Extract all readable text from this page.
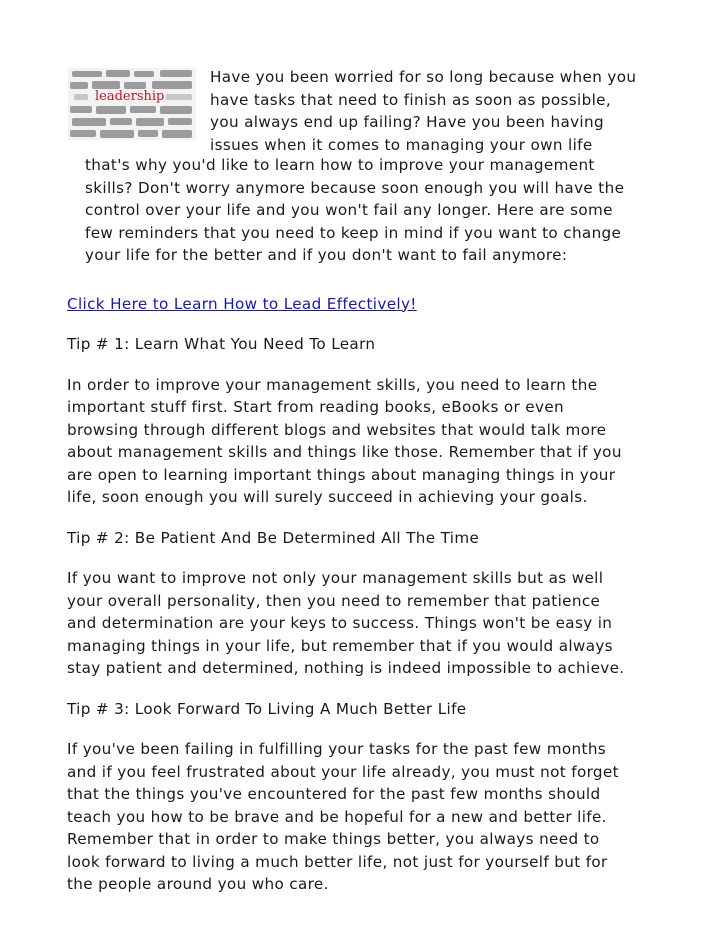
leadership
Have you been worried for so long because when you
have tasks that need to finish as soon as possible,
you always end up failing? Have you been having
issues when it comes to managing your own life
that's why you'd like to learn how to improve your management
skills? Don't worry anymore because soon enough you will have the
control over your life and you won't fail any longer. Here are some
few reminders that you need to keep in mind if you want to change
your life for the better and if you don't want to fail anymore:

Click Here to Learn How to Lead Effectively!

Tip # 1: Learn What You Need To Learn

In order to improve your management skills, you need to learn the
important stuff first. Start from reading books, eBooks or even
browsing through different blogs and websites that would talk more
about management skills and things like those. Remember that if you
are open to learning important things about managing things in your
life, soon enough you will surely succeed in achieving your goals.

Tip # 2: Be Patient And Be Determined All The Time

If you want to improve not only your management skills but as well
your overall personality, then you need to remember that patience
and determination are your keys to success. Things won't be easy in
managing things in your life, but remember that if you would always
stay patient and determined, nothing is indeed impossible to achieve.

Tip # 3: Look Forward To Living A Much Better Life

If you've been failing in fulfilling your tasks for the past few months
and if you feel frustrated about your life already, you must not forget
that the things you've encountered for the past few months should
teach you how to be brave and be hopeful for a new and better life.
Remember that in order to make things better, you always need to
look forward to living a much better life, not just for yourself but for
the people around you who care.
